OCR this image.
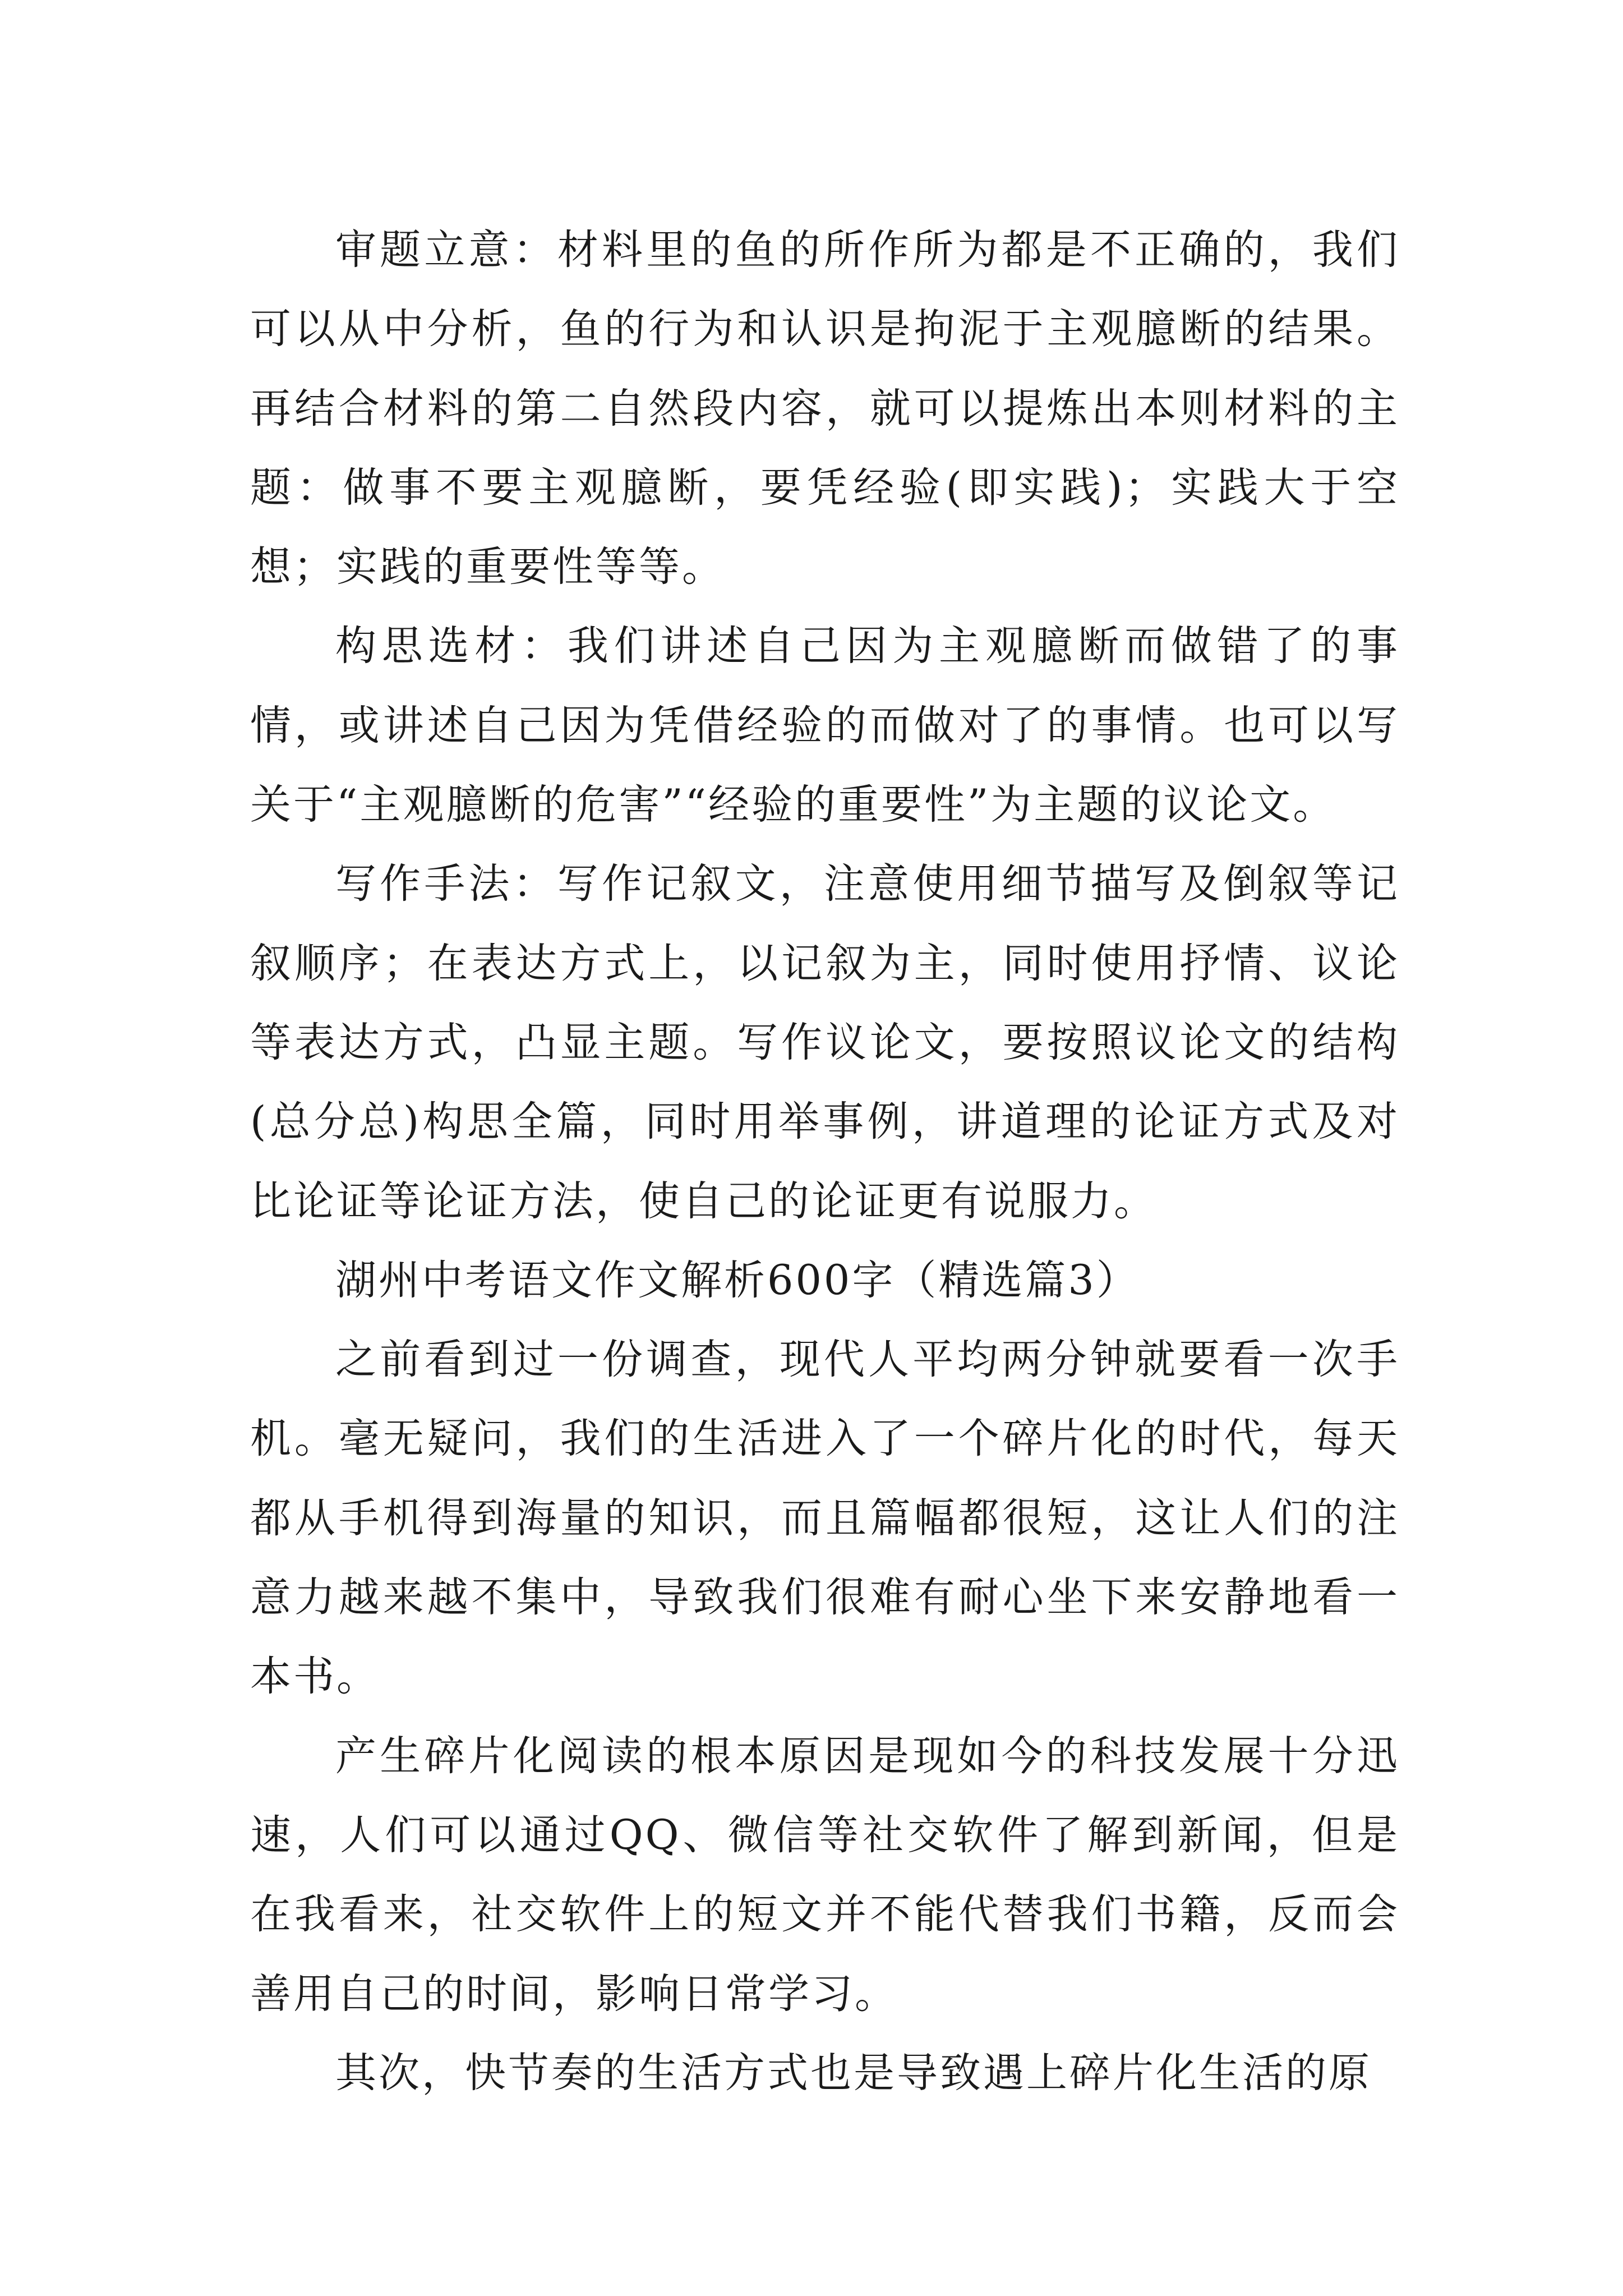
审题立意：材料里的鱼的所作所为都是不正确的，我们可以从中分析，鱼的行为和认识是拘泥于主观臆断的结果。再结合材料的第二自然段内容，就可以提炼出本则材料的主题：做事不要主观臆断，要凭经验(即实践)；实践大于空想；实践的重要性等等。

构思选材：我们讲述自己因为主观臆断而做错了的事情，或讲述自己因为凭借经验的而做对了的事情。也可以写关于“主观臆断的危害”“经验的重要性”为主题的议论文。

写作手法：写作记叙文，注意使用细节描写及倒叙等记叙顺序；在表达方式上，以记叙为主，同时使用抒情、议论等表达方式，凸显主题。写作议论文，要按照议论文的结构(总分总)构思全篇，同时用举事例，讲道理的论证方式及对比论证等论证方法，使自己的论证更有说服力。

湖州中考语文作文解析600字（精选篇3）

之前看到过一份调查，现代人平均两分钟就要看一次手机。毫无疑问，我们的生活进入了一个碎片化的时代，每天都从手机得到海量的知识，而且篇幅都很短，这让人们的注意力越来越不集中，导致我们很难有耐心坐下来安静地看一本书。

产生碎片化阅读的根本原因是现如今的科技发展十分迅速，人们可以通过QQ、微信等社交软件了解到新闻，但是在我看来，社交软件上的短文并不能代替我们书籍，反而会善用自己的时间，影响日常学习。

其次，快节奏的生活方式也是导致遇上碎片化生活的原
